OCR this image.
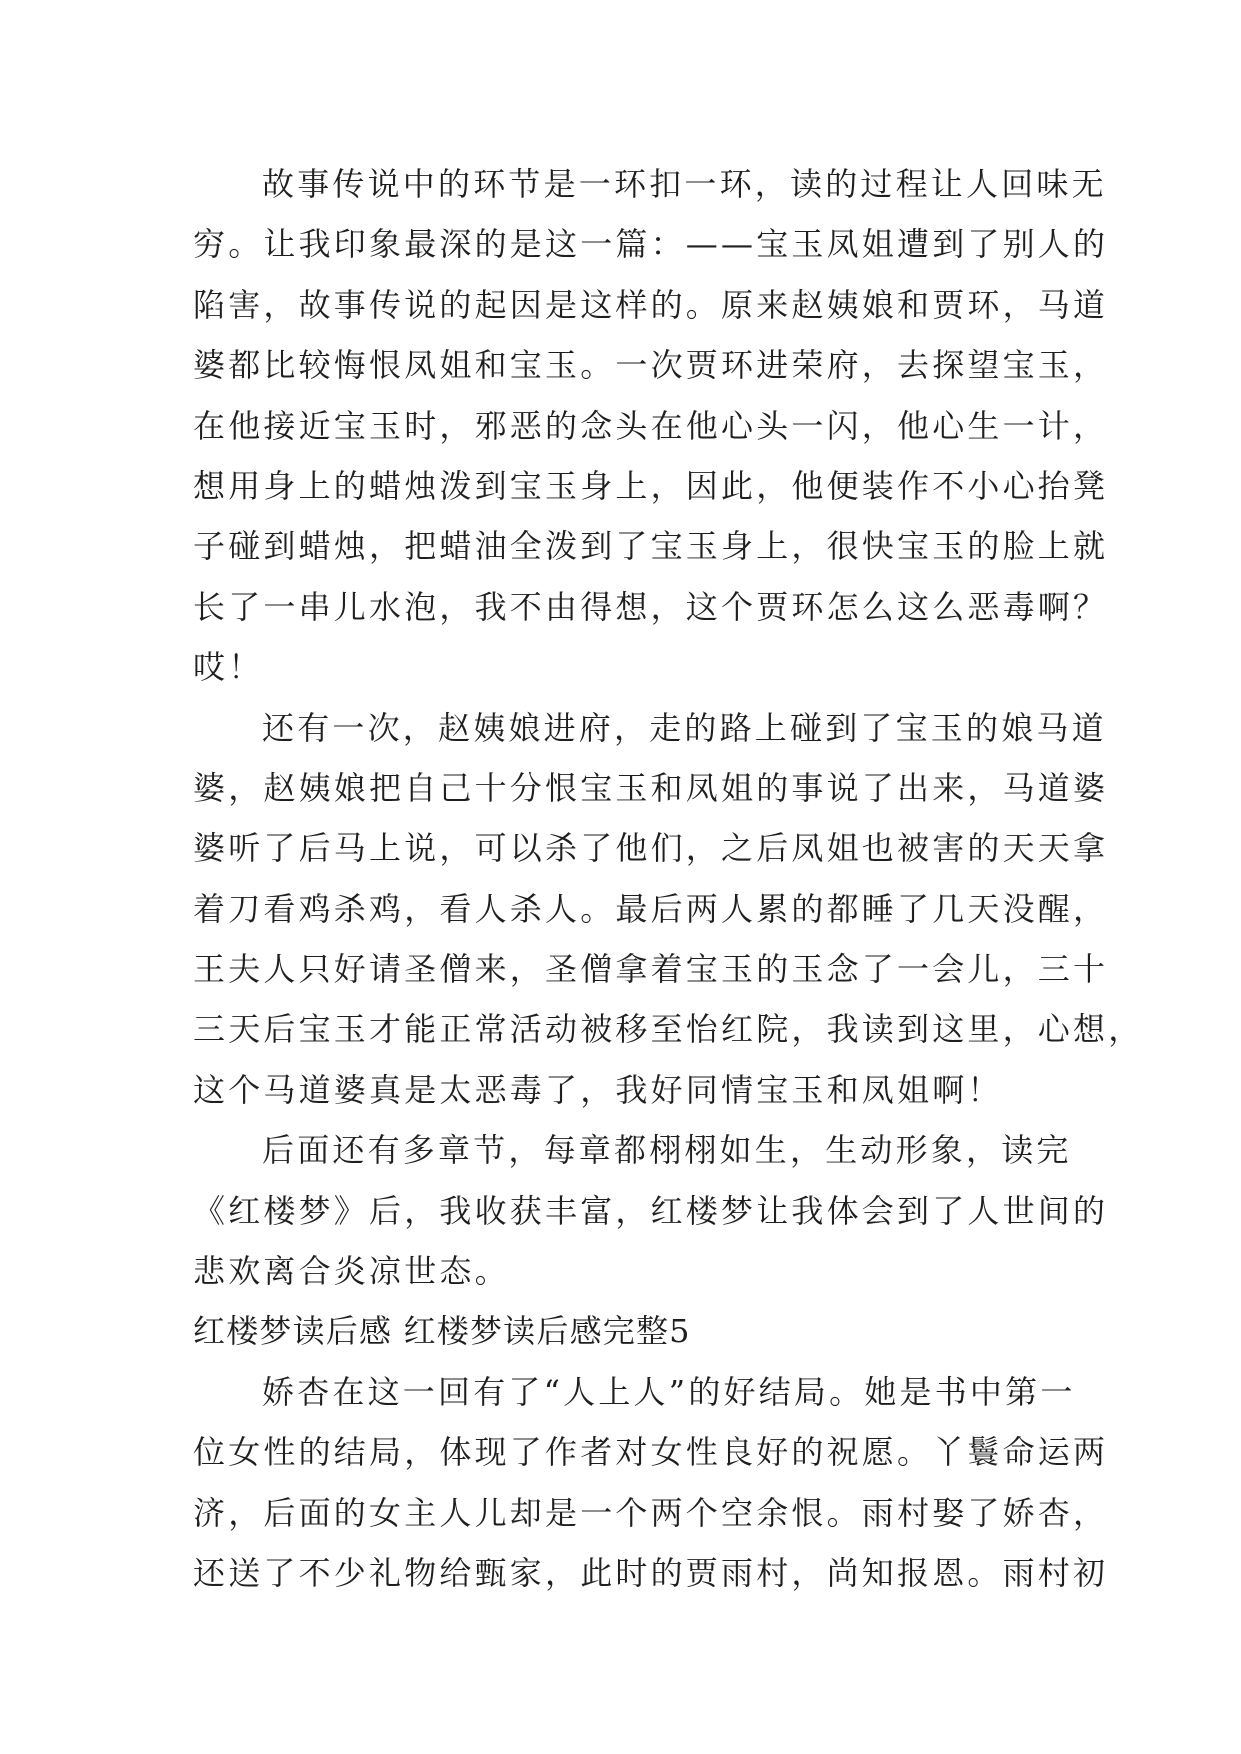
故事传说中的环节是一环扣一环，读的过程让人回味无
穷。让我印象最深的是这一篇：——宝玉凤姐遭到了别人的
陷害，故事传说的起因是这样的。原来赵姨娘和贾环，马道
婆都比较悔恨凤姐和宝玉。一次贾环进荣府，去探望宝玉，
在他接近宝玉时，邪恶的念头在他心头一闪，他心生一计，
想用身上的蜡烛泼到宝玉身上，因此，他便装作不小心抬凳
子碰到蜡烛，把蜡油全泼到了宝玉身上，很快宝玉的脸上就
长了一串儿水泡，我不由得想，这个贾环怎么这么恶毒啊？
哎！
还有一次，赵姨娘进府，走的路上碰到了宝玉的娘马道
婆，赵姨娘把自己十分恨宝玉和凤姐的事说了出来，马道婆
婆听了后马上说，可以杀了他们，之后凤姐也被害的天天拿
着刀看鸡杀鸡，看人杀人。最后两人累的都睡了几天没醒，
王夫人只好请圣僧来，圣僧拿着宝玉的玉念了一会儿，三十
三天后宝玉才能正常活动被移至怡红院，我读到这里，心想，
这个马道婆真是太恶毒了，我好同情宝玉和凤姐啊！
后面还有多章节，每章都栩栩如生，生动形象，读完
《红楼梦》后，我收获丰富，红楼梦让我体会到了人世间的
悲欢离合炎凉世态。
红楼梦读后感 红楼梦读后感完整5
娇杏在这一回有了“人上人”的好结局。她是书中第一
位女性的结局，体现了作者对女性良好的祝愿。丫鬟命运两
济，后面的女主人儿却是一个两个空余恨。雨村娶了娇杏，
还送了不少礼物给甄家，此时的贾雨村，尚知报恩。雨村初
